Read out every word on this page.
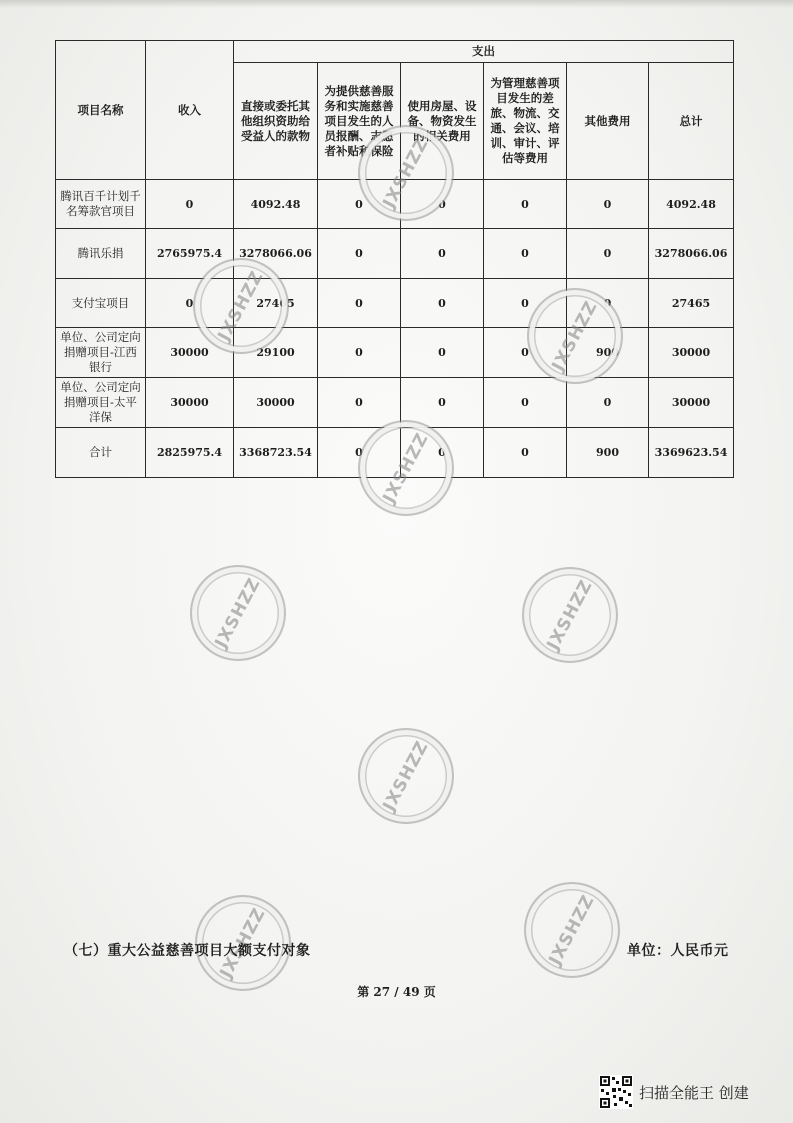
项目名称	收入	支出					
		直接或委托其他组织资助给受益人的款物	为提供慈善服务和实施慈善项目发生的人员报酬、志愿者补贴和保险	使用房屋、设备、物资发生的相关费用	为管理慈善项目发生的差旅、物流、交通、会议、培训、审计、评估等费用	其他费用	总计
腾讯百千计划千名筹款官项目	0	4092.48	0	0	0	0	4092.48
腾讯乐捐	2765975.4	3278066.06	0	0	0	0	3278066.06
支付宝项目	0	27465	0	0	0	0	27465
单位、公司定向捐赠项目-江西银行	30000	29100	0	0	0	900	30000
单位、公司定向捐赠项目-太平洋保	30000	30000	0	0	0	0	30000
合计	2825975.4	3368723.54	0	0	0	900	3369623.54
JXSHZZ
JXSHZZ
JXSHZZ
JXSHZZ	JXSHZZ
JXSHZZ
JXSHZZ	JXSHZZ
JXSHZZ
（七）重大公益慈善项目大额支付对象	单位：人民币元
第 27 / 49 页
扫描全能王 创建
